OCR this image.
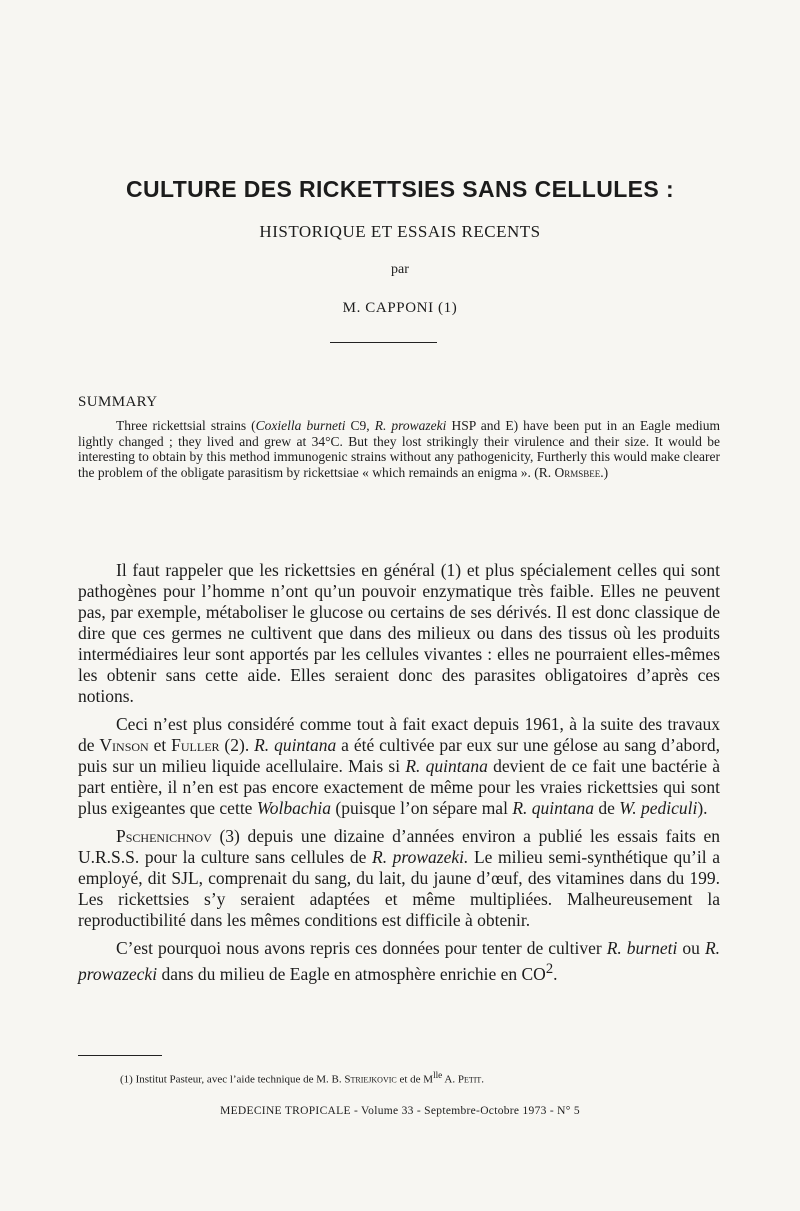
CULTURE DES RICKETTSIES SANS CELLULES :
HISTORIQUE ET ESSAIS RECENTS
par
M. CAPPONI (1)
SUMMARY

Three rickettsial strains (Coxiella burneti C9, R. prowazeki HSP and E) have been put in an Eagle medium lightly changed ; they lived and grew at 34°C. But they lost strikingly their virulence and their size. It would be interesting to obtain by this method immunogenic strains without any pathogenicity, Furtherly this would make clearer the problem of the obligate parasitism by rickettsiae « which remainds an enigma ». (R. Ormsbee.)

Il faut rappeler que les rickettsies en général (1) et plus spécialement celles qui sont pathogènes pour l’homme n’ont qu’un pouvoir enzymatique très faible. Elles ne peuvent pas, par exemple, métaboliser le glucose ou certains de ses dérivés. Il est donc classique de dire que ces germes ne cultivent que dans des milieux ou dans des tissus où les produits intermédiaires leur sont apportés par les cellules vivantes : elles ne pourraient elles-mêmes les obtenir sans cette aide. Elles seraient donc des parasites obligatoires d’après ces notions.

Ceci n’est plus considéré comme tout à fait exact depuis 1961, à la suite des travaux de Vinson et Fuller (2). R. quintana a été cultivée par eux sur une gélose au sang d’abord, puis sur un milieu liquide acellulaire. Mais si R. quintana devient de ce fait une bactérie à part entière, il n’en est pas encore exactement de même pour les vraies rickettsies qui sont plus exigeantes que cette Wolbachia (puisque l’on sépare mal R. quintana de W. pediculi).

Pschenichnov (3) depuis une dizaine d’années environ a publié les essais faits en U.R.S.S. pour la culture sans cellules de R. prowazeki. Le milieu semi-synthétique qu’il a employé, dit SJL, comprenait du sang, du lait, du jaune d’œuf, des vitamines dans du 199. Les rickettsies s’y seraient adaptées et même multipliées. Malheureusement la reproductibilité dans les mêmes conditions est difficile à obtenir.

C’est pourquoi nous avons repris ces données pour tenter de cultiver R. burneti ou R. prowazecki dans du milieu de Eagle en atmosphère enrichie en $CO^2$.

(1) Institut Pasteur, avec l’aide technique de M. B. Striejkovic et de $M^{lle}$ A. Petit.
MEDECINE TROPICALE - Volume 33 - Septembre-Octobre 1973 - N° 5
